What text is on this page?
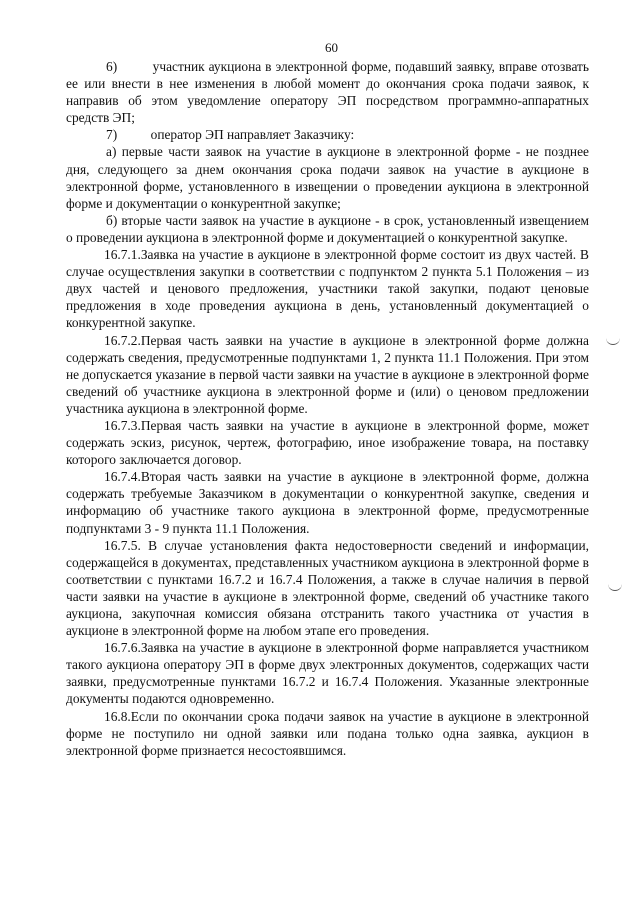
60

6)         участник аукциона в электронной форме, подавший заявку, вправе отозвать ее или внести в нее изменения в любой момент до окончания срока подачи заявок, к направив об этом уведомление оператору ЭП посредством программно-аппаратных средств ЭП;

7)          оператор ЭП направляет Заказчику:

а) первые части заявок на участие в аукционе в электронной форме - не позднее дня, следующего за днем окончания срока подачи заявок на участие в аукционе в электронной форме, установленного в извещении о проведении аукциона в электронной форме и документации о конкурентной закупке;

б) вторые части заявок на участие в аукционе - в срок, установленный извещением о проведении аукциона в электронной форме и документацией о конкурентной закупке.

16.7.1.Заявка на участие в аукционе в электронной форме состоит из двух частей. В случае осуществления закупки в соответствии с подпунктом 2 пункта 5.1 Положения – из двух частей и ценового предложения, участники такой закупки, подают ценовые предложения в ходе проведения аукциона в день, установленный документацией о конкурентной закупке.

16.7.2.Первая часть заявки на участие в аукционе в электронной форме должна содержать сведения, предусмотренные подпунктами 1, 2 пункта 11.1 Положения. При этом не допускается указание в первой части заявки на участие в аукционе в электронной форме сведений об участнике аукциона в электронной форме и (или) о ценовом предложении участника аукциона в электронной форме.

16.7.3.Первая часть заявки на участие в аукционе в электронной форме, может содержать эскиз, рисунок, чертеж, фотографию, иное изображение товара, на поставку которого заключается договор.

16.7.4.Вторая часть заявки на участие в аукционе в электронной форме, должна содержать требуемые Заказчиком в документации о конкурентной закупке, сведения и информацию об участнике такого аукциона в электронной форме, предусмотренные подпунктами 3 - 9 пункта 11.1 Положения.

16.7.5. В случае установления факта недостоверности сведений и информации, содержащейся в документах, представленных участником аукциона в электронной форме в соответствии с пунктами 16.7.2 и 16.7.4 Положения, а также в случае наличия в первой части заявки на участие в аукционе в электронной форме, сведений об участнике такого аукциона, закупочная комиссия обязана отстранить такого участника от участия в аукционе в электронной форме на любом этапе его проведения.

16.7.6.Заявка на участие в аукционе в электронной форме направляется участником такого аукциона оператору ЭП в форме двух электронных документов, содержащих части заявки, предусмотренные пунктами 16.7.2 и 16.7.4 Положения. Указанные электронные документы подаются одновременно.

16.8.Если по окончании срока подачи заявок на участие в аукционе в электронной форме не поступило ни одной заявки или подана только одна заявка, аукцион в электронной форме признается несостоявшимся.
